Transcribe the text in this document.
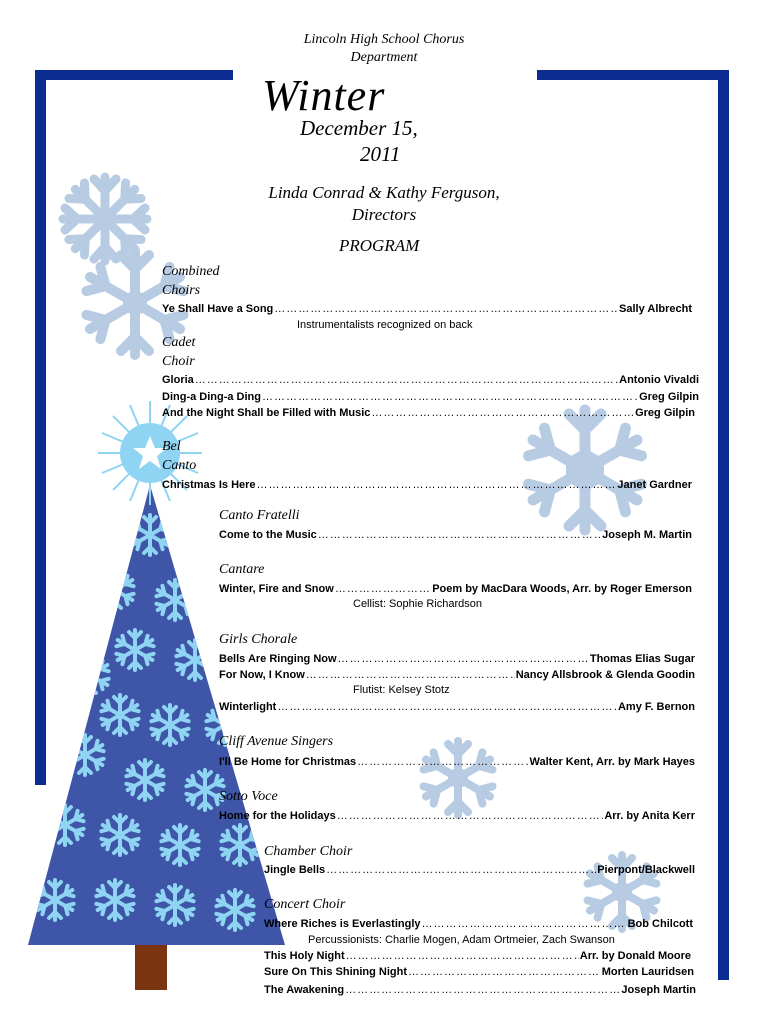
Lincoln High School Chorus
Department
Winter
December 15,
2011
Linda Conrad & Kathy Ferguson,
Directors
PROGRAM
Combined
Choirs
Ye Shall Have a Song ……………………………………………………………………………………………………………………………………………………………	Sally Albrecht
Instrumentalists recognized on back
Cadet
Choir
Gloria ……………………………………………………………………………………………………………………………………………………………	Antonio Vivaldi
Ding-a Ding-a Ding ……………………………………………………………………………………………………………………………………………………………	Greg Gilpin
And the Night Shall be Filled with Music ……………………………………………………………………………………………………………………………………………………………	Greg Gilpin
Bel
Canto
Christmas Is Here ……………………………………………………………………………………………………………………………………………………………	Janet Gardner
Canto Fratelli
Come to the Music ……………………………………………………………………………………………………………………………………………………………	Joseph M. Martin
Cantare
Winter, Fire and Snow ……………………………………………………………………………………………………………………………………………………………	Poem by MacDara Woods, Arr. by Roger Emerson
Cellist: Sophie Richardson
Girls Chorale
Bells Are Ringing Now ……………………………………………………………………………………………………………………………………………………………	Thomas Elias Sugar
For Now, I Know ……………………………………………………………………………………………………………………………………………………………	Nancy Allsbrook & Glenda Goodin
Flutist: Kelsey Stotz
Winterlight ……………………………………………………………………………………………………………………………………………………………	Amy F. Bernon
Cliff Avenue Singers
I'll Be Home for Christmas ……………………………………………………………………………………………………………………………………………………………	Walter Kent, Arr. by Mark Hayes
Sotto Voce
Home for the Holidays ……………………………………………………………………………………………………………………………………………………………	Arr. by Anita Kerr
Chamber Choir
Jingle Bells ……………………………………………………………………………………………………………………………………………………………	Pierpont/Blackwell
Concert Choir
Where Riches is Everlastingly ……………………………………………………………………………………………………………………………………………………………	Bob Chilcott
Percussionists: Charlie Mogen, Adam Ortmeier, Zach Swanson
This Holy Night ……………………………………………………………………………………………………………………………………………………………	Arr. by Donald Moore
Sure On This Shining Night ……………………………………………………………………………………………………………………………………………………………	Morten Lauridsen
The Awakening ……………………………………………………………………………………………………………………………………………………………	Joseph Martin
